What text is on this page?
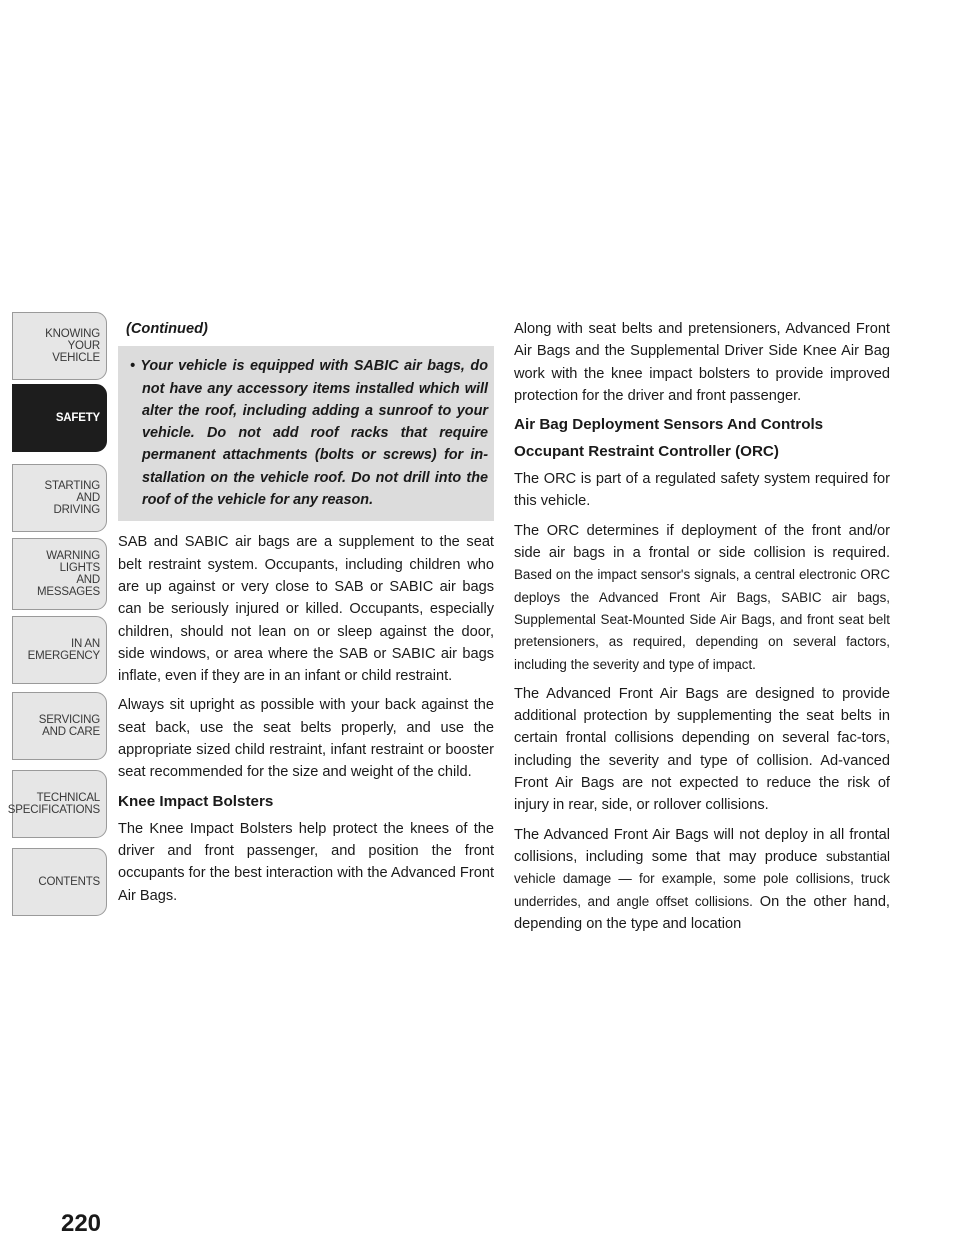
KNOWING
YOUR
VEHICLE
SAFETY
STARTING
AND
DRIVING
WARNING
LIGHTS
AND
MESSAGES
IN AN
EMERGENCY
SERVICING
AND CARE
TECHNICAL
SPECIFICATIONS
CONTENTS
220
(Continued)
• Your vehicle is equipped with SABIC air bags, do not have any accessory items installed which will alter the roof, including adding a sunroof to your vehicle. Do not add roof racks that require permanent attachments (bolts or screws) for in-stallation on the vehicle roof. Do not drill into the roof of the vehicle for any reason.

SAB and SABIC air bags are a supplement to the seat belt restraint system. Occupants, including children who are up against or very close to SAB or SABIC air bags can be seriously injured or killed. Occupants, especially children, should not lean on or sleep against the door, side windows, or area where the SAB or SABIC air bags inflate, even if they are in an infant or child restraint.

Always sit upright as possible with your back against the seat back, use the seat belts properly, and use the appropriate sized child restraint, infant restraint or booster seat recommended for the size and weight of the child.

Knee Impact Bolsters

The Knee Impact Bolsters help protect the knees of the driver and front passenger, and position the front occupants for the best interaction with the Advanced Front Air Bags.

Along with seat belts and pretensioners, Advanced Front Air Bags and the Supplemental Driver Side Knee Air Bag work with the knee impact bolsters to provide improved protection for the driver and front passenger.

Air Bag Deployment Sensors And Controls
Occupant Restraint Controller (ORC)

The ORC is part of a regulated safety system required for this vehicle.

The ORC determines if deployment of the front and/or side air bags in a frontal or side collision is required. Based on the impact sensor's signals, a central electronic ORC deploys the Advanced Front Air Bags, SABIC air bags, Supplemental Seat-Mounted Side Air Bags, and front seat belt pretensioners, as required, depending on several factors, including the severity and type of impact.

The Advanced Front Air Bags are designed to provide additional protection by supplementing the seat belts in certain frontal collisions depending on several fac-tors, including the severity and type of collision. Ad-vanced Front Air Bags are not expected to reduce the risk of injury in rear, side, or rollover collisions.

The Advanced Front Air Bags will not deploy in all frontal collisions, including some that may produce substantial vehicle damage — for example, some pole collisions, truck underrides, and angle offset collisions. On the other hand, depending on the type and location
